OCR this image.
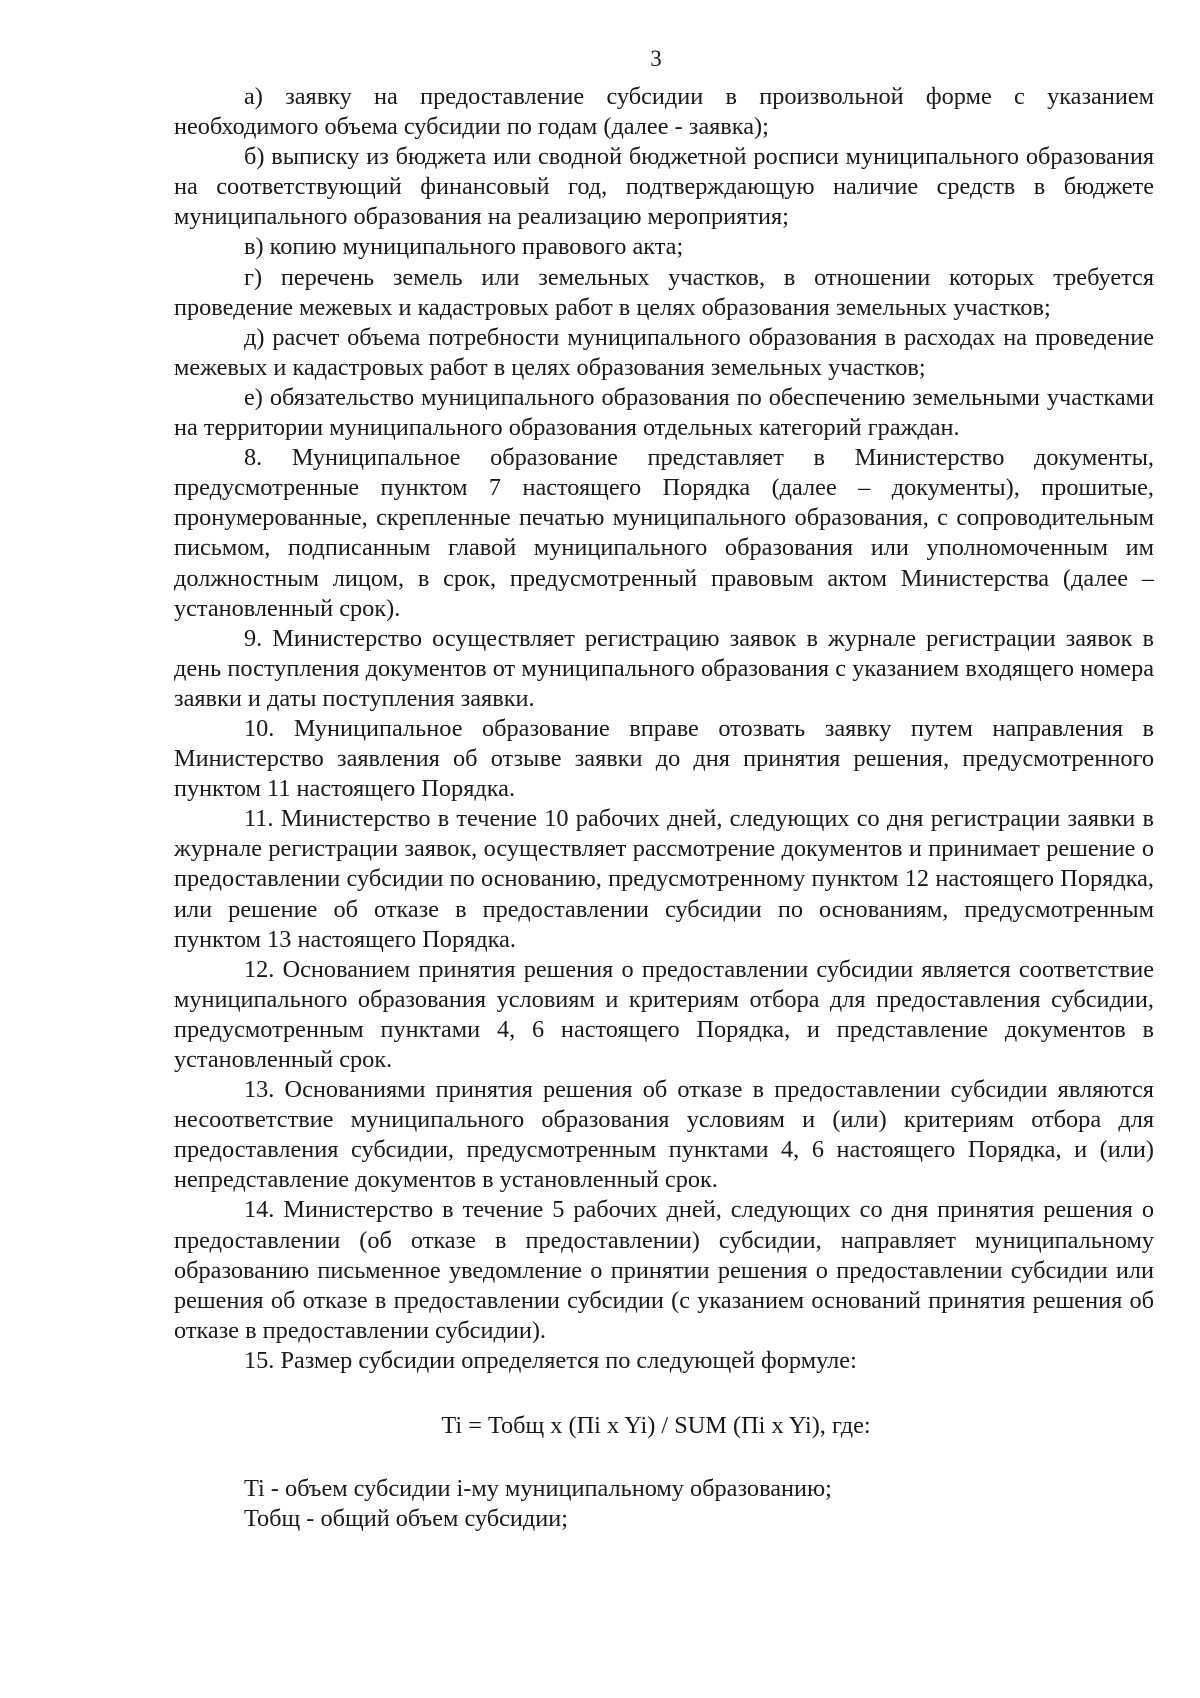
3

а) заявку на предоставление субсидии в произвольной форме с указанием необходимого объема субсидии по годам (далее - заявка);

б) выписку из бюджета или сводной бюджетной росписи муниципального образования на соответствующий финансовый год, подтверждающую наличие средств в бюджете муниципального образования на реализацию мероприятия;

в) копию муниципального правового акта;

г) перечень земель или земельных участков, в отношении которых требуется проведение межевых и кадастровых работ в целях образования земельных участков;

д) расчет объема потребности муниципального образования в расходах на проведение межевых и кадастровых работ в целях образования земельных участков;

е) обязательство муниципального образования по обеспечению земельными участками на территории муниципального образования отдельных категорий граждан.

8. Муниципальное образование представляет в Министерство документы, предусмотренные пунктом 7 настоящего Порядка (далее – документы), прошитые, пронумерованные, скрепленные печатью муниципального образования, с сопроводительным письмом, подписанным главой муниципального образования или уполномоченным им должностным лицом, в срок, предусмотренный правовым актом Министерства (далее – установленный срок).

9. Министерство осуществляет регистрацию заявок в журнале регистрации заявок в день поступления документов от муниципального образования с указанием входящего номера заявки и даты поступления заявки.

10. Муниципальное образование вправе отозвать заявку путем направления в Министерство заявления об отзыве заявки до дня принятия решения, предусмотренного пунктом 11 настоящего Порядка.

11. Министерство в течение 10 рабочих дней, следующих со дня регистрации заявки в журнале регистрации заявок, осуществляет рассмотрение документов и принимает решение о предоставлении субсидии по основанию, предусмотренному пунктом 12 настоящего Порядка, или решение об отказе в предоставлении субсидии по основаниям, предусмотренным пунктом 13 настоящего Порядка.

12. Основанием принятия решения о предоставлении субсидии является соответствие муниципального образования условиям и критериям отбора для предоставления субсидии, предусмотренным пунктами 4, 6 настоящего Порядка, и представление документов в установленный срок.

13. Основаниями принятия решения об отказе в предоставлении субсидии являются несоответствие муниципального образования условиям и (или) критериям отбора для предоставления субсидии, предусмотренным пунктами 4, 6 настоящего Порядка, и (или) непредставление документов в установленный срок.

14. Министерство в течение 5 рабочих дней, следующих со дня принятия решения о предоставлении (об отказе в предоставлении) субсидии, направляет муниципальному образованию письменное уведомление о принятии решения о предоставлении субсидии или решения об отказе в предоставлении субсидии (с указанием оснований принятия решения об отказе в предоставлении субсидии).

15. Размер субсидии определяется по следующей формуле:

Ti = Тобщ x (Пi x Yi) / SUM (Пi x Yi), где:

Ti - объем субсидии i-му муниципальному образованию;

Тобщ - общий объем субсидии;
